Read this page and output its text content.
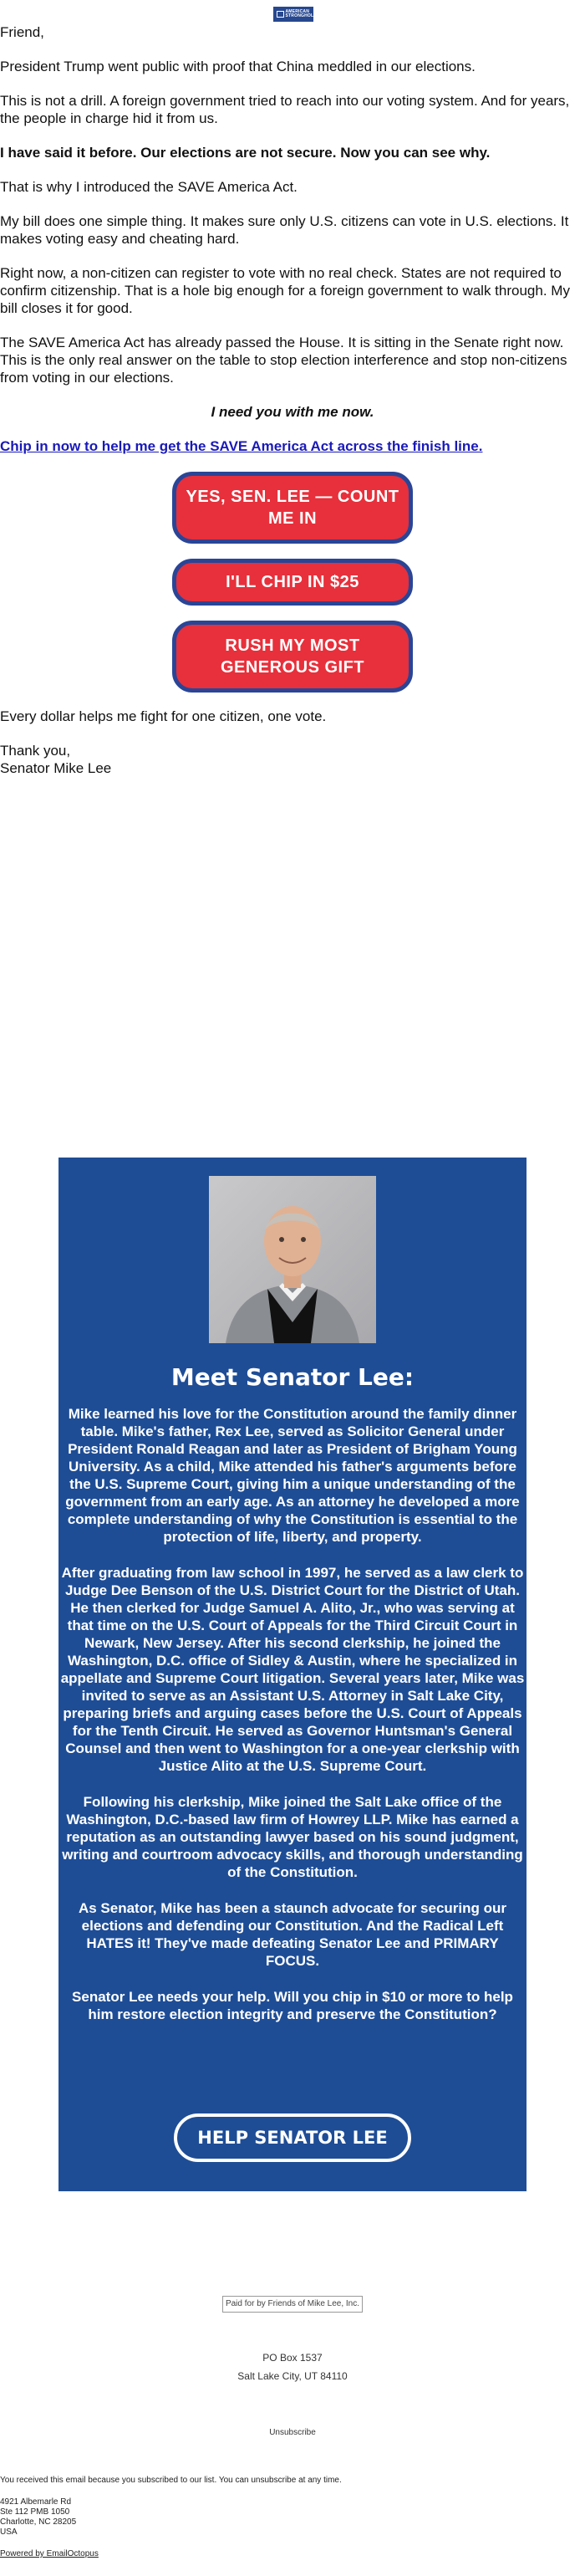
AMERICAN STRONGHOLD

Friend,

President Trump went public with proof that China meddled in our elections.

This is not a drill. A foreign government tried to reach into our voting system. And for years, the people in charge hid it from us.

I have said it before. Our elections are not secure. Now you can see why.

That is why I introduced the SAVE America Act.

My bill does one simple thing. It makes sure only U.S. citizens can vote in U.S. elections. It makes voting easy and cheating hard.

Right now, a non-citizen can register to vote with no real check. States are not required to confirm citizenship. That is a hole big enough for a foreign government to walk through. My bill closes it for good.

The SAVE America Act has already passed the House. It is sitting in the Senate right now. This is the only real answer on the table to stop election interference and stop non-citizens from voting in our elections.

I need you with me now.

Chip in now to help me get the SAVE America Act across the finish line.

YES, SEN. LEE — COUNT ME IN
I'LL CHIP IN $25
RUSH MY MOST GENEROUS GIFT

Every dollar helps me fight for one citizen, one vote.

Thank you,

Senator Mike Lee

Meet Senator Lee:

Mike learned his love for the Constitution around the family dinner table. Mike's father, Rex Lee, served as Solicitor General under President Ronald Reagan and later as President of Brigham Young University. As a child, Mike attended his father's arguments before the U.S. Supreme Court, giving him a unique understanding of the government from an early age. As an attorney he developed a more complete understanding of why the Constitution is essential to the protection of life, liberty, and property.

After graduating from law school in 1997, he served as a law clerk to Judge Dee Benson of the U.S. District Court for the District of Utah. He then clerked for Judge Samuel A. Alito, Jr., who was serving at that time on the U.S. Court of Appeals for the Third Circuit Court in Newark, New Jersey. After his second clerkship, he joined the Washington, D.C. office of Sidley & Austin, where he specialized in appellate and Supreme Court litigation. Several years later, Mike was invited to serve as an Assistant U.S. Attorney in Salt Lake City, preparing briefs and arguing cases before the U.S. Court of Appeals for the Tenth Circuit. He served as Governor Huntsman's General Counsel and then went to Washington for a one-year clerkship with Justice Alito at the U.S. Supreme Court.

Following his clerkship, Mike joined the Salt Lake office of the Washington, D.C.-based law firm of Howrey LLP. Mike has earned a reputation as an outstanding lawyer based on his sound judgment, writing and courtroom advocacy skills, and thorough understanding of the Constitution.

As Senator, Mike has been a staunch advocate for securing our elections and defending our Constitution. And the Radical Left HATES it! They've made defeating Senator Lee and PRIMARY FOCUS.

Senator Lee needs your help. Will you chip in $10 or more to help him restore election integrity and preserve the Constitution?

HELP SENATOR LEE
Paid for by Friends of Mike Lee, Inc.
PO Box 1537
Salt Lake City, UT 84110
Unsubscribe

You received this email because you subscribed to our list. You can unsubscribe at any time.

4921 Albemarle Rd
Ste 112 PMB 1050
Charlotte, NC 28205
USA

Powered by EmailOctopus
